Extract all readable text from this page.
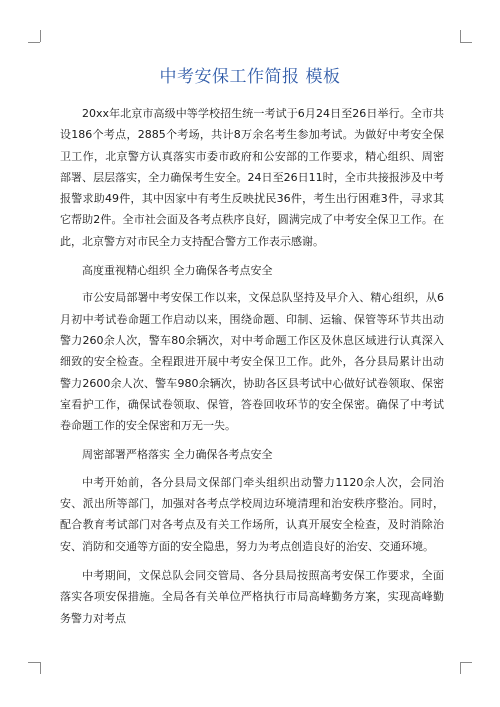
中考安保工作简报 模板

20xx年北京市高级中等学校招生统一考试于6月24日至26日举行。全市共设186个考点，2885个考场，共计8万余名考生参加考试。为做好中考安全保卫工作，北京警方认真落实市委市政府和公安部的工作要求，精心组织、周密部署、层层落实，全力确保考生安全。24日至26日11时，全市共接报涉及中考报警求助49件，其中因家中有考生反映扰民36件，考生出行困难3件，寻求其它帮助2件。全市社会面及各考点秩序良好，圆满完成了中考安全保卫工作。在此，北京警方对市民全力支持配合警方工作表示感谢。

高度重视精心组织 全力确保各考点安全

市公安局部署中考安保工作以来，文保总队坚持及早介入、精心组织，从6月初中考试卷命题工作启动以来，围绕命题、印制、运输、保管等环节共出动警力260余人次，警车80余辆次，对中考命题工作区及休息区域进行认真深入细致的安全检查。全程跟进开展中考安全保卫工作。此外，各分县局累计出动警力2600余人次、警车980余辆次，协助各区县考试中心做好试卷领取、保密室看护工作，确保试卷领取、保管，答卷回收环节的安全保密。确保了中考试卷命题工作的安全保密和万无一失。

周密部署严格落实 全力确保各考点安全

中考开始前，各分县局文保部门牵头组织出动警力1120余人次，会同治安、派出所等部门，加强对各考点学校周边环境清理和治安秩序整治。同时，配合教育考试部门对各考点及有关工作场所，认真开展安全检查，及时消除治安、消防和交通等方面的安全隐患，努力为考点创造良好的治安、交通环境。

中考期间，文保总队会同交管局、各分县局按照高考安保工作要求，全面落实各项安保措施。全局各有关单位严格执行市局高峰勤务方案，实现高峰勤务警力对考点
